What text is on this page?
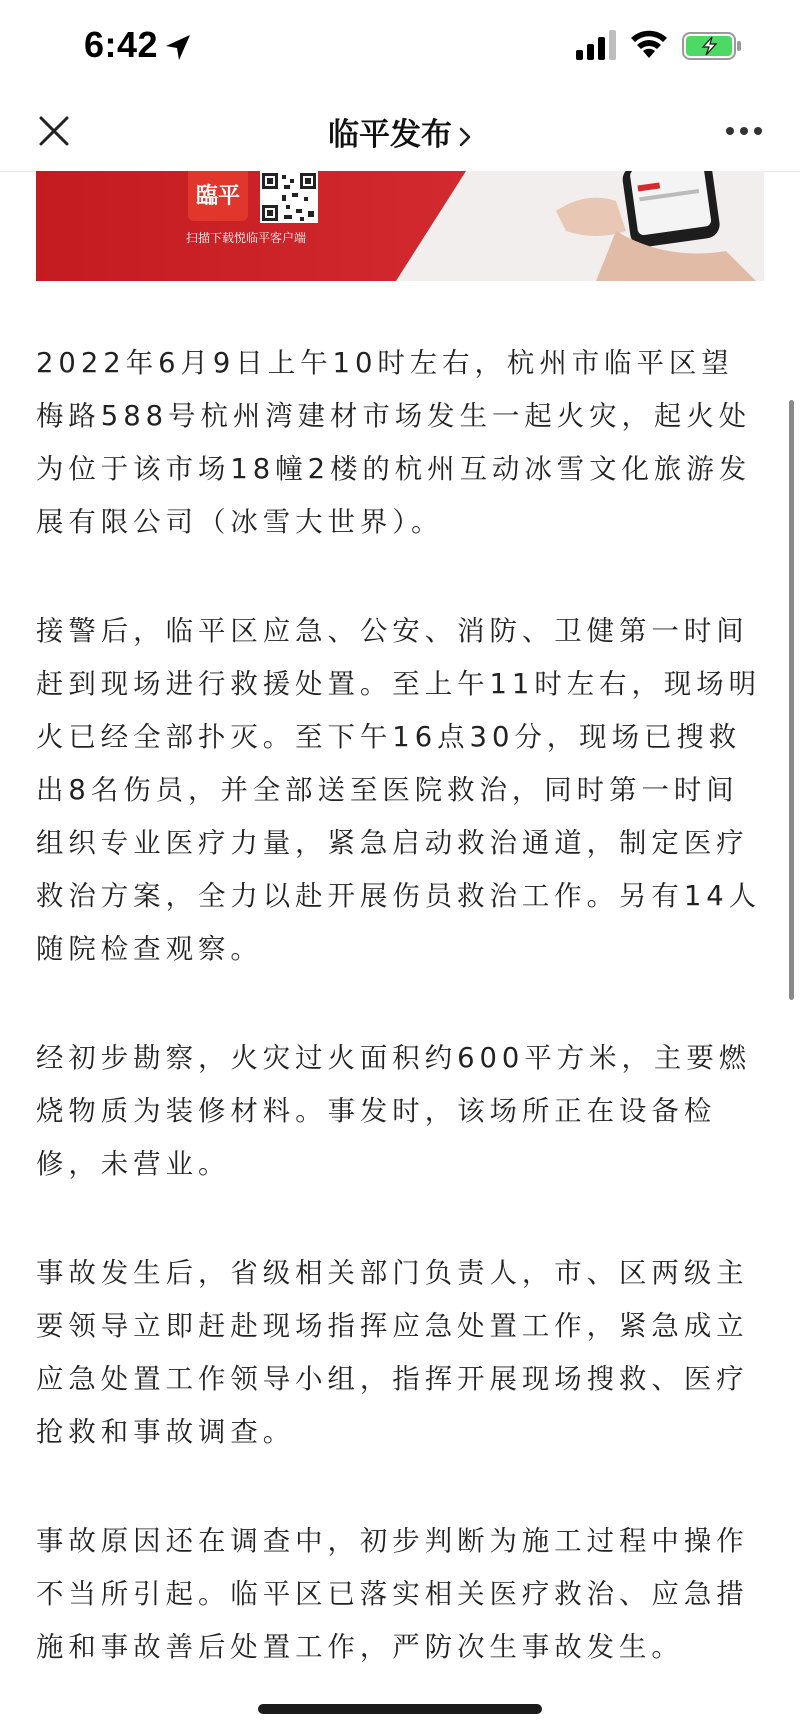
6:42
临平发布
臨平
扫描下载悦临平客户端

2022年6月9日上午10时左右，杭州市临平区望梅路588号杭州湾建材市场发生一起火灾，起火处为位于该市场18幢2楼的杭州互动冰雪文化旅游发展有限公司（冰雪大世界）。

接警后，临平区应急、公安、消防、卫健第一时间赶到现场进行救援处置。至上午11时左右，现场明火已经全部扑灭。至下午16点30分，现场已搜救出8名伤员，并全部送至医院救治，同时第一时间组织专业医疗力量，紧急启动救治通道，制定医疗救治方案，全力以赴开展伤员救治工作。另有14人随院检查观察。

经初步勘察，火灾过火面积约600平方米，主要燃烧物质为装修材料。事发时，该场所正在设备检修，未营业。

事故发生后，省级相关部门负责人，市、区两级主要领导立即赶赴现场指挥应急处置工作，紧急成立应急处置工作领导小组，指挥开展现场搜救、医疗抢救和事故调查。

事故原因还在调查中，初步判断为施工过程中操作不当所引起。临平区已落实相关医疗救治、应急措施和事故善后处置工作，严防次生事故发生。
